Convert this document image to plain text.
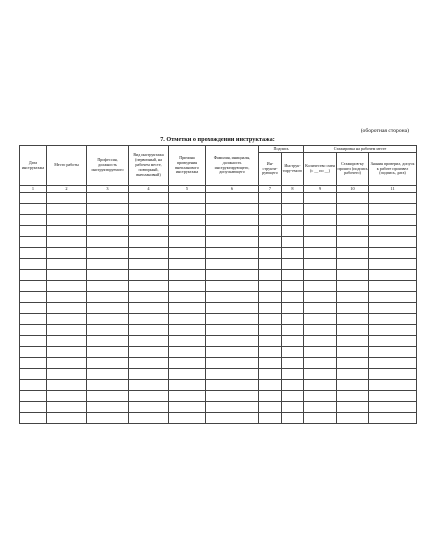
(оборотная сторона)
7. Отметки о прохождении инструктажа:
Дата инструктажа	Место работы	Профессия, должность инструктируемого	Вид инструктажа (первичный, на рабочем месте, повторный, внеплановый)	Причина проведения внепланового инструктажа	Фамилия, инициалы, должность инструктирующего, допускающего	Подпись		Стажировка на рабочем месте		

						Ин-структи-рующего	Инструк-тиру-емого	Количество смен (с __ по __)	Стажиров-ку прошел (подпись рабочего)	Знания проверил, допуск к работе произвел (подпись, дата)

1	2	3	4	5	6	7	8	9	10	11
